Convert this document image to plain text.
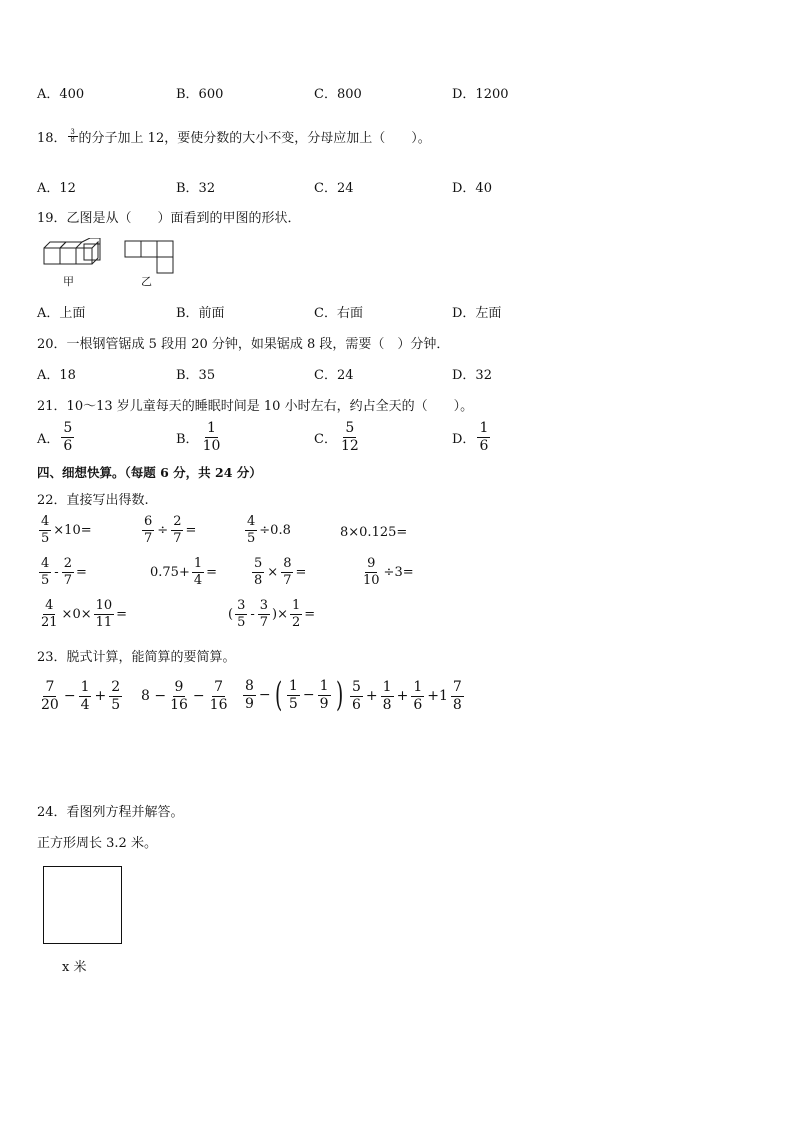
A．400	B．600	C．800	D．1200
18． $\frac{3}{8}$ 的分子加上 12，要使分数的大小不变，分母应加上（　　）。
A．12	B．32	C．24	D．40
19．乙图是从（　　）面看到的甲图的形状．
甲	乙
A．上面	B．前面	C．右面	D．左面
20．一根钢管锯成 5 段用 20 分钟，如果锯成 8 段，需要（　）分钟．
A．18	B．35	C．24	D．32
21．10～13 岁儿童每天的睡眠时间是 10 小时左右，约占全天的（　　）。
A． $\frac{5}{6}$	B． $\frac{1}{10}$	C． $\frac{5}{12}$	D． $\frac{1}{6}$
四、细想快算。（每题 6 分，共 24 分）
22．直接写出得数.
$\frac{4}{5} \times 10=$	$\frac{6}{7} \div \frac{2}{7}$ =	$\frac{4}{5} \div 0.8$	8×0.125=
$\frac{4}{5} - \frac{2}{7}$ =	$0.75+ \frac{1}{4}$ =	$\frac{5}{8} \times \frac{8}{7}$ =	$\frac{9}{10} \div 3=$
$\frac{4}{21} \times 0\times \frac{10}{11}$ =	( $\frac{3}{5} - \frac{3}{7}$ )× $\frac{1}{2}$ =
23．脱式计算，能简算的要简算。
$\frac{7}{20} - \frac{1}{4} + \frac{2}{5} 8 - \frac{9}{16} - \frac{7}{16} \frac{8}{9}$ − ( $\frac{1}{5} - \frac{1}{9}$ ) $\frac{5}{6} + \frac{1}{8} + \frac{1}{6} +1 \frac{7}{8}$
24．看图列方程并解答。
正方形周长 3.2 米。
x 米
